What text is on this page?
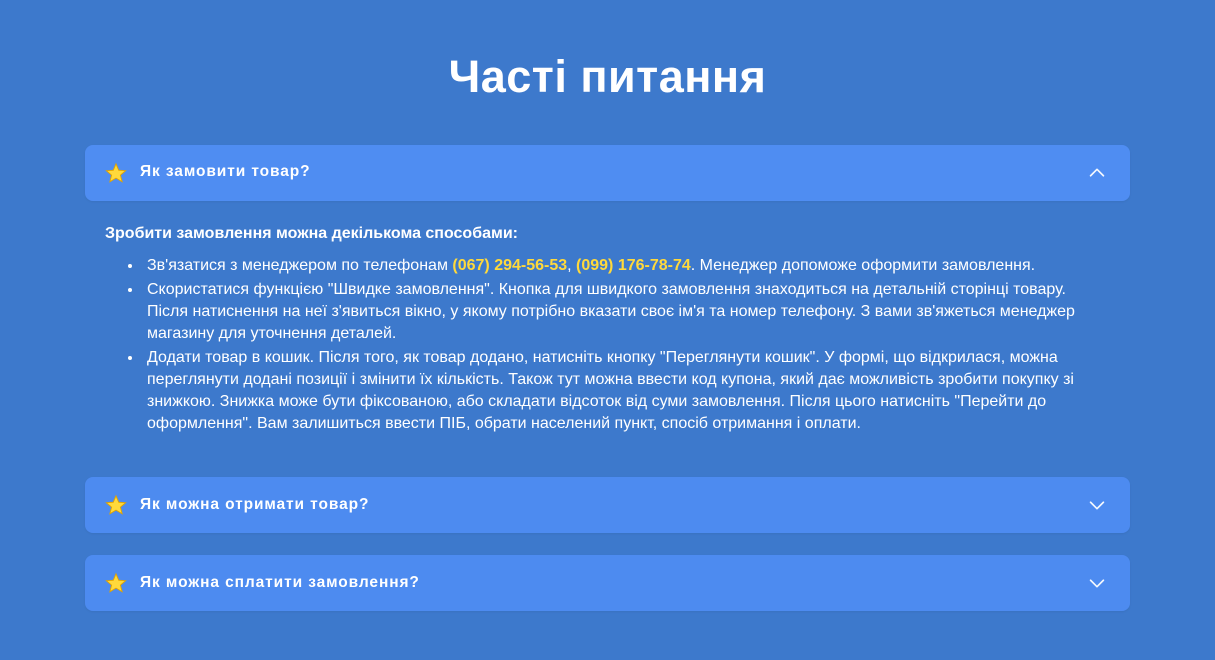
Часті питання
Як замовити товар?

Зробити замовлення можна декількома способами:

• Зв'язатися з менеджером по телефонам (067) 294-56-53, (099) 176-78-74. Менеджер допоможе оформити замовлення.
• Скористатися функцією "Швидке замовлення". Кнопка для швидкого замовлення знаходиться на детальній сторінці товару. Після натиснення на неї з'явиться вікно, у якому потрібно вказати своє ім'я та номер телефону. З вами зв'яжеться менеджер магазину для уточнення деталей.
• Додати товар в кошик. Після того, як товар додано, натисніть кнопку "Переглянути кошик". У формі, що відкрилася, можна переглянути додані позиції і змінити їх кількість. Також тут можна ввести код купона, який дає можливість зробити покупку зі знижкою. Знижка може бути фіксованою, або складати відсоток від суми замовлення. Після цього натисніть "Перейти до оформлення". Вам залишиться ввести ПІБ, обрати населений пункт, спосіб отримання і оплати.
Як можна отримати товар?
Як можна сплатити замовлення?
